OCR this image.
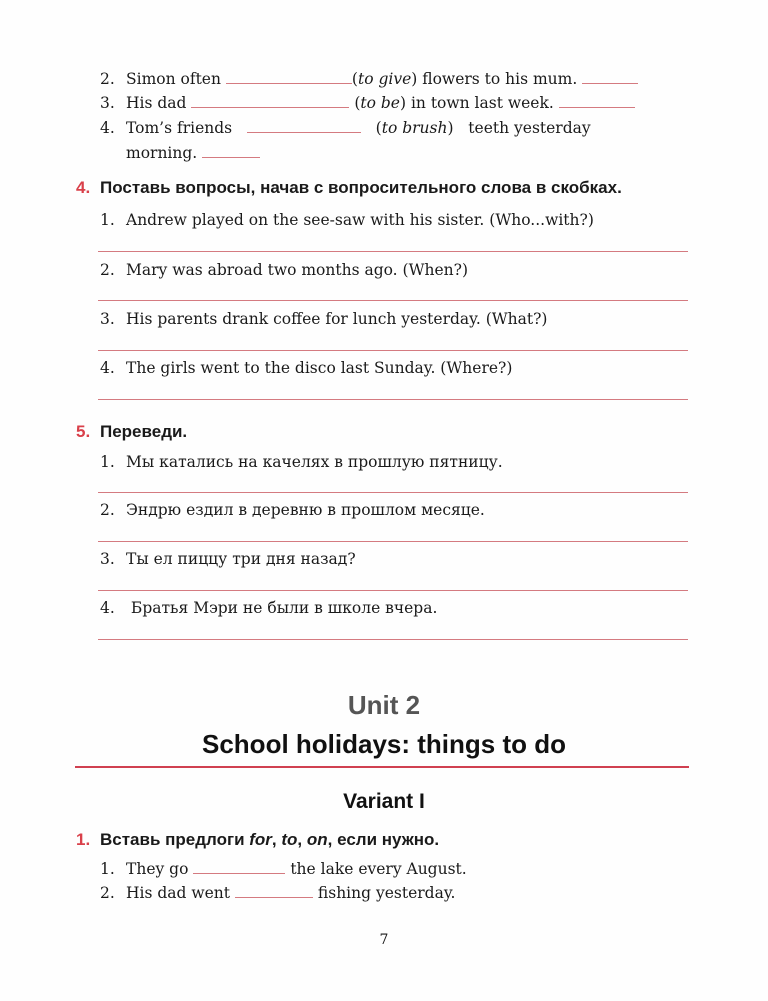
2. Simon often	(to give) flowers to his mum.
3. His dad	(to be) in town last week.
4. Tom’s friends	(to brush)   teeth yesterday
morning.
4. Поставь вопросы, начав с вопросительного слова в скобках.
1. Andrew played on the see-saw with his sister. (Who...with?)
2. Mary was abroad two months ago. (When?)
3. His parents drank coffee for lunch yesterday. (What?)
4. The girls went to the disco last Sunday. (Where?)
5. Переведи.
1. Мы катались на качелях в прошлую пятницу.
2. Эндрю ездил в деревню в прошлом месяце.
3. Ты ел пиццу три дня назад?
4. Братья Мэри не были в школе вчера.
Unit 2
School holidays: things to do
Variant I
1. Вставь предлоги for, to, on, если нужно.
1. They go	the lake every August.
2. His dad went	fishing yesterday.
7
